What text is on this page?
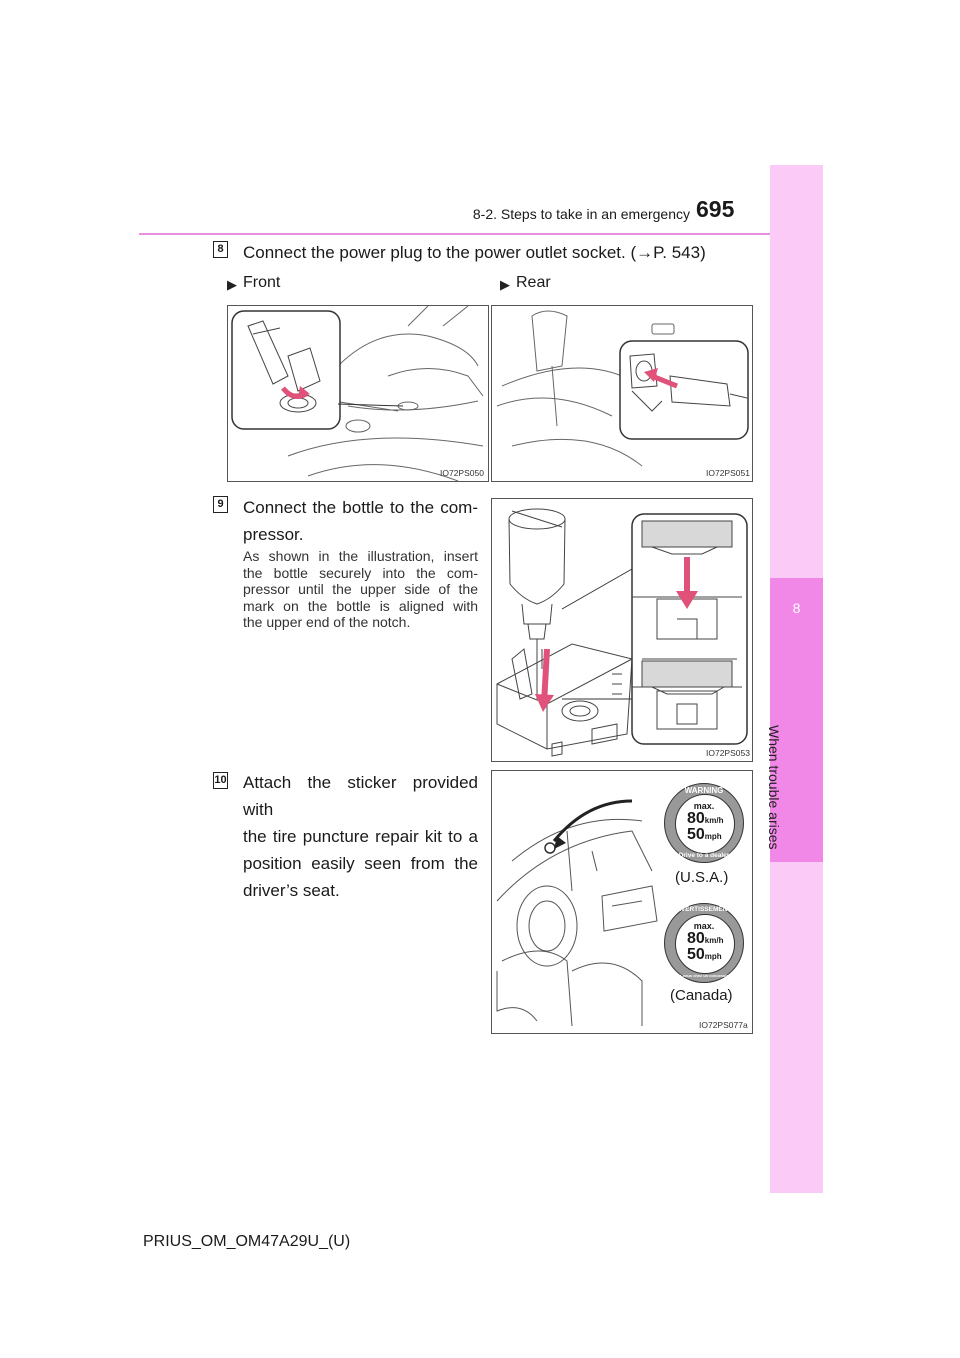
8-2. Steps to take in an emergency 695
8
When trouble arises
8 Connect the power plug to the power outlet socket. (→P. 543)
▶ Front	▶ Rear
IO72PS050	IO72PS051
9 Connect the bottle to the com-
pressor.
As shown in the illustration, insert
the bottle securely into the com-
pressor until the upper side of the
mark on the bottle is aligned with
the upper end of the notch.
IO72PS053
10 Attach the sticker provided with
the tire puncture repair kit to a
position easily seen from the
driver’s seat.
WARNING
Drive to a dealer
max.
80km/h
50mph
(U.S.A.)
AVERTISSEMENT
Rendez-vous chez un concessionnaire
max.
80km/h
50mph
(Canada)
IO72PS077a
PRIUS_OM_OM47A29U_(U)
